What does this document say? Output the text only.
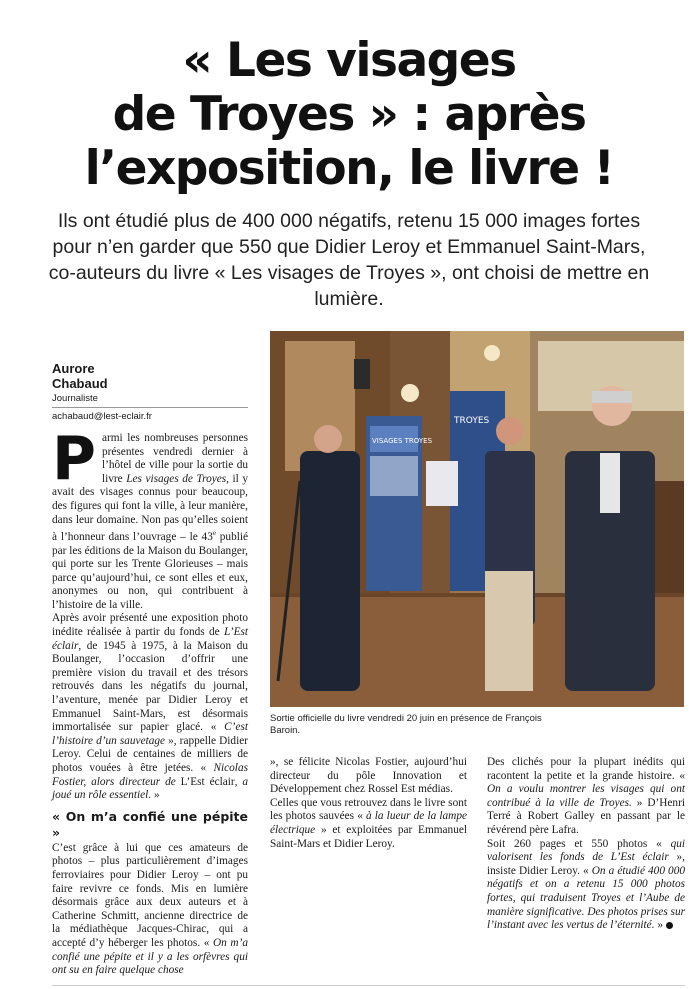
« Les visages
de Troyes » : après
l’exposition, le livre !
Ils ont étudié plus de 400 000 négatifs, retenu 15 000 images fortes pour n’en garder que 550 que Didier Leroy et Emmanuel Saint-Mars, co-auteurs du livre « Les visages de Troyes », ont choisi de mettre en lumière.
Aurore
Chabaud
Journaliste
achabaud@lest-eclair.fr
VISAGES TROYES
TROYES
Sortie officielle du livre vendredi 20 juin en présence de François Baroin.

Parmi les nombreuses personnes présentes vendredi dernier à l’hôtel de ville pour la sortie du livre Les visages de Troyes, il y avait des visages connus pour beaucoup, des figures qui font la ville, à leur manière, dans leur domaine. Non pas qu’elles soient à l’honneur dans l’ouvrage – le 43e publié par les éditions de la Maison du Boulanger, qui porte sur les Trente Glorieuses – mais parce qu’aujourd’hui, ce sont elles et eux, anonymes ou non, qui contribuent à l’histoire de la ville.

Après avoir présenté une exposition photo inédite réalisée à partir du fonds de L’Est éclair, de 1945 à 1975, à la Maison du Boulanger, l’occasion d’offrir une première vision du travail et des trésors retrouvés dans les négatifs du journal, l’aventure, menée par Didier Leroy et Emmanuel Saint-Mars, est désormais immortalisée sur papier glacé. « C’est l’histoire d’un sauvetage », rappelle Didier Leroy. Celui de centaines de milliers de photos vouées à être jetées. « Nicolas Fostier, alors directeur de L’Est éclair, a joué un rôle essentiel. »

« On m’a confié une pépite »

C’est grâce à lui que ces amateurs de photos – plus particulièrement d’images ferroviaires pour Didier Leroy – ont pu faire revivre ce fonds. Mis en lumière désormais grâce aux deux auteurs et à Catherine Schmitt, ancienne directrice de la médiathèque Jacques-Chirac, qui a accepté d’y héberger les photos. « On m’a confié une pépite et il y a les orfèvres qui ont su en faire quelque chose

», se félicite Nicolas Fostier, aujourd’hui directeur du pôle Innovation et Développement chez Rossel Est médias.

Celles que vous retrouvez dans le livre sont les photos sauvées « à la lueur de la lampe électrique » et exploitées par Emmanuel Saint-Mars et Didier Leroy.

Des clichés pour la plupart inédits qui racontent la petite et la grande histoire. « On a voulu montrer les visages qui ont contribué à la ville de Troyes. » D’Henri Terré à Robert Galley en passant par le révérend père Lafra.

Soit 260 pages et 550 photos « qui valorisent les fonds de L’Est éclair », insiste Didier Leroy. « On a étudié 400 000 négatifs et on a retenu 15 000 photos fortes, qui traduisent Troyes et l’Aube de manière significative. Des photos prises sur l’instant avec les vertus de l’éternité. »
